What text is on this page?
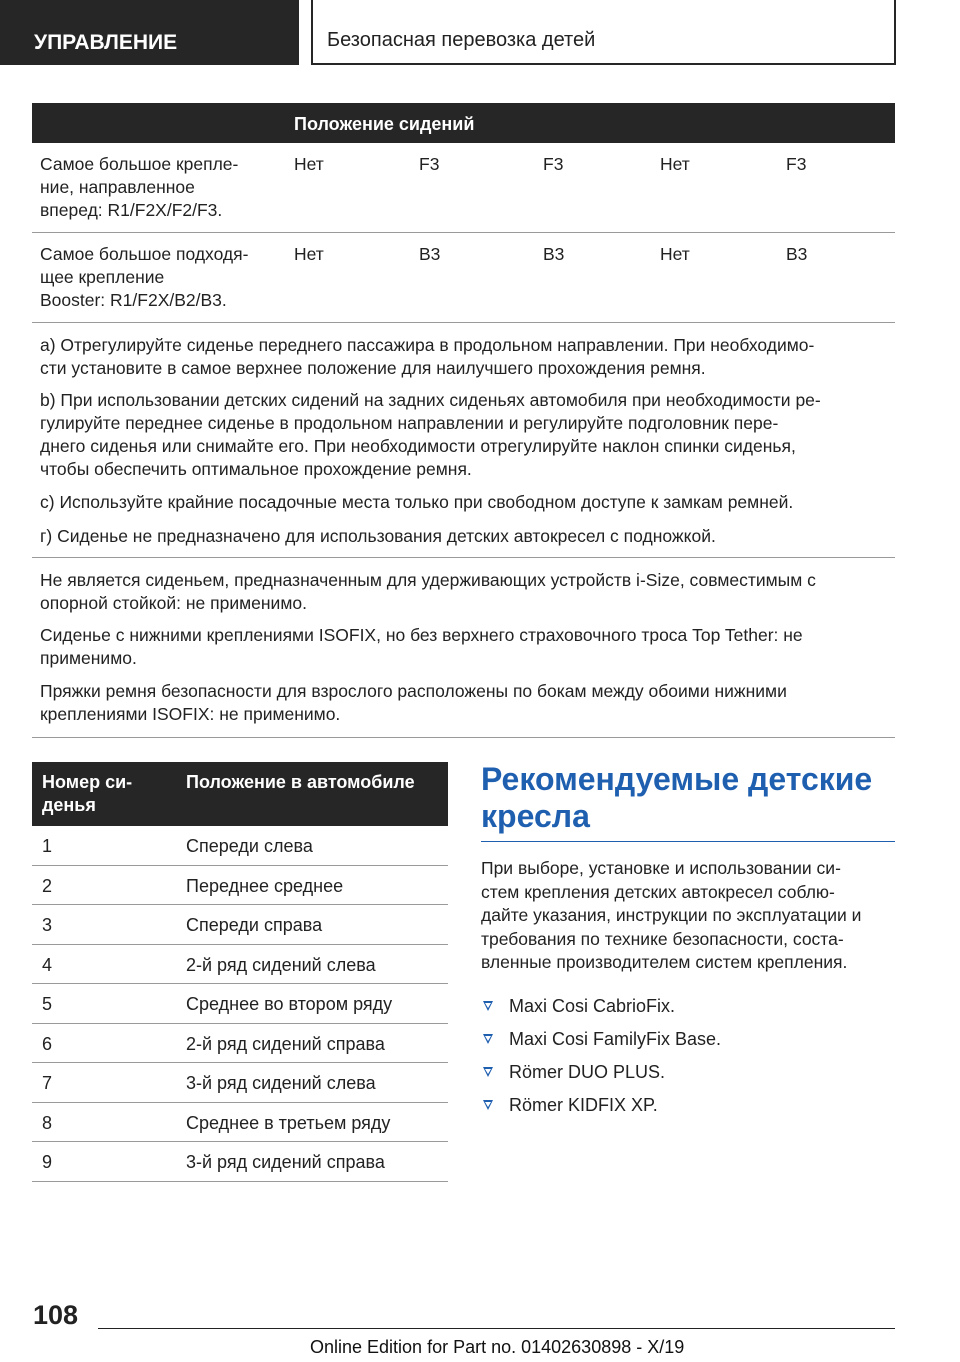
УПРАВЛЕНИЕ	Безопасная перевозка детей
Положение сидений
Самое большое крепле-
ние, направленное
вперед: R1/F2X/F2/F3.
Нет	F3	F3	Нет	F3
Самое большое подходя-
щее крепление
Booster: R1/F2X/B2/B3.
Нет	B3	B3	Нет	B3

а) Отрегулируйте сиденье переднего пассажира в продольном направлении. При необходимо-
сти установите в самое верхнее положение для наилучшего прохождения ремня.

b) При использовании детских сидений на задних сиденьях автомобиля при необходимости ре-
гулируйте переднее сиденье в продольном направлении и регулируйте подголовник пере-
днего сиденья или снимайте его. При необходимости отрегулируйте наклон спинки сиденья,
чтобы обеспечить оптимальное прохождение ремня.

с) Используйте крайние посадочные места только при свободном доступе к замкам ремней.

г) Сиденье не предназначено для использования детских автокресел с подножкой.

Не является сиденьем, предназначенным для удерживающих устройств i-Size, совместимым с
опорной стойкой: не применимо.

Сиденье с нижними креплениями ISOFIX, но без верхнего страховочного троса Top Tether: не
применимо.

Пряжки ремня безопасности для взрослого расположены по бокам между обоими нижними
креплениями ISOFIX: не применимо.

Номер си-
денья
Положение в автомобиле
1	Спереди слева
2	Переднее среднее
3	Спереди справа
4	2-й ряд сидений слева
5	Среднее во втором ряду
6	2-й ряд сидений справа
7	3-й ряд сидений слева
8	Среднее в третьем ряду
9	3-й ряд сидений справа
Рекомендуемые детские
кресла
При выборе, установке и использовании си-
стем крепления детских автокресел соблю-
дайте указания, инструкции по эксплуатации и
требования по технике безопасности, соста-
вленные производителем систем крепления.
Maxi Cosi CabrioFix.
Maxi Cosi FamilyFix Base.
Römer DUO PLUS.
Römer KIDFIX XP.
108
Online Edition for Part no. 01402630898 - X/19
